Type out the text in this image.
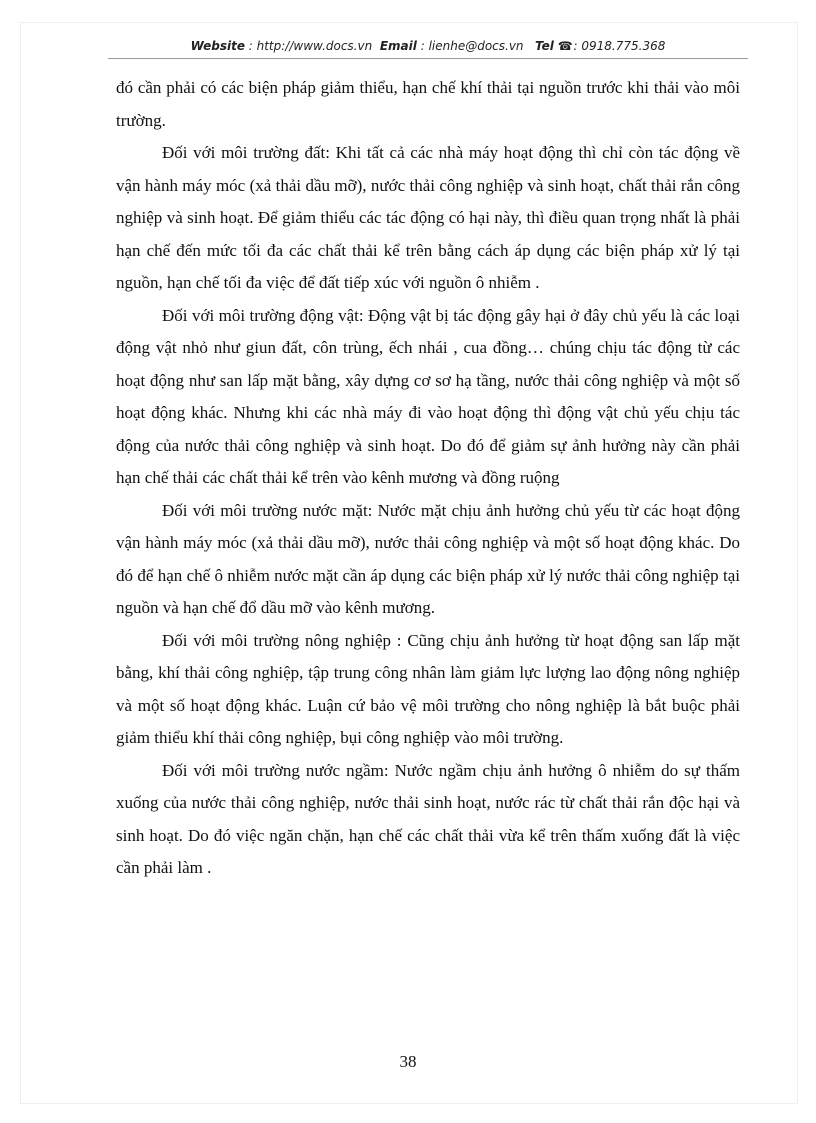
Website : http://www.docs.vn Email : lienhe@docs.vn Tel ☎ : 0918.775.368

đó cần phải có các biện pháp giảm thiểu, hạn chế khí thải tại nguồn trước khi thải vào môi trường.

Đối với môi trường đất: Khi tất cả các nhà máy hoạt động thì chỉ còn tác động về vận hành máy móc (xả thải dầu mỡ), nước thải công nghiệp và sinh hoạt, chất thải rắn công nghiệp và sinh hoạt. Để giảm thiểu các tác động có hại này, thì điều quan trọng nhất là phải hạn chế đến mức tối đa các chất thải kể trên bằng cách áp dụng các biện pháp xử lý tại nguồn, hạn chế tối đa việc để đất tiếp xúc với nguồn ô nhiễm .

Đối với môi trường động vật: Động vật bị tác động gây hại ở đây chủ yếu là các loại động vật nhỏ như giun đất, côn trùng, ếch nhái , cua đồng… chúng chịu tác động từ các hoạt động như san lấp mặt bằng, xây dựng cơ sơ hạ tầng, nước thải công nghiệp và một số hoạt động khác. Nhưng khi các nhà máy đi vào hoạt động thì động vật chủ yếu chịu tác động của nước thải công nghiệp và sinh hoạt. Do đó để giảm sự ảnh hưởng này cần phải hạn chế thải các chất thải kể trên vào kênh mương và đồng ruộng

Đối với môi trường nước mặt: Nước mặt chịu ảnh hưởng chủ yếu từ các hoạt động vận hành máy móc (xả thải dầu mỡ), nước thải công nghiệp và một số hoạt động khác. Do đó để hạn chế ô nhiễm nước mặt cần áp dụng các biện pháp xử lý nước thải công nghiệp tại nguồn và hạn chế đổ dầu mỡ vào kênh mương.

Đối với môi trường nông nghiệp : Cũng chịu ảnh hưởng từ hoạt động san lấp mặt bằng, khí thải công nghiệp, tập trung công nhân làm giảm lực lượng lao động nông nghiệp và một số hoạt động khác. Luận cứ bảo vệ môi trường cho nông nghiệp là bắt buộc phải giảm thiểu khí thải công nghiệp, bụi công nghiệp vào môi trường.

Đối với môi trường nước ngầm: Nước ngầm chịu ảnh hưởng ô nhiễm do sự thấm xuống của nước thải công nghiệp, nước thải sinh hoạt, nước rác từ chất thải rắn độc hại và sinh hoạt. Do đó việc ngăn chặn, hạn chế các chất thải vừa kể trên thấm xuống đất là việc cần phải làm .

38
